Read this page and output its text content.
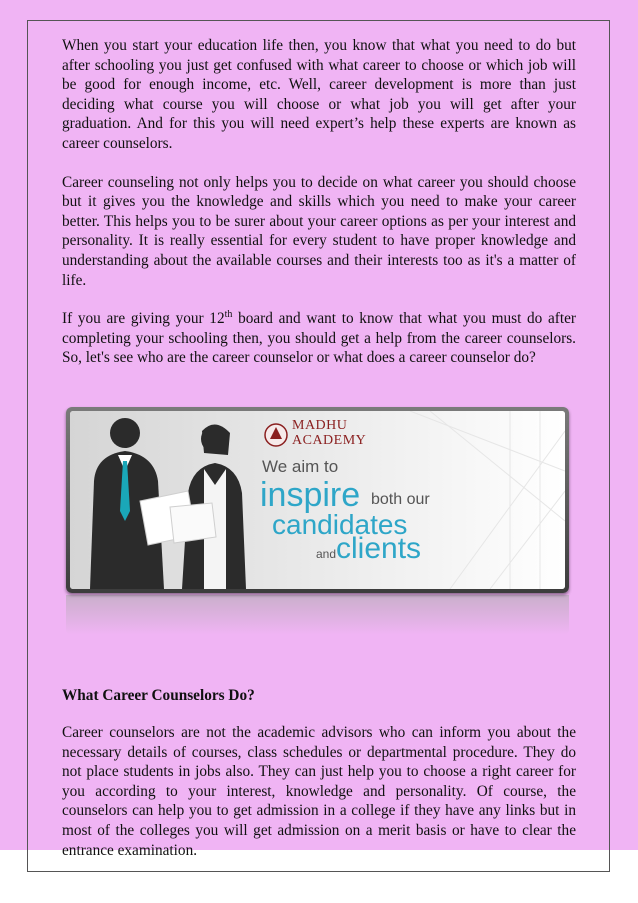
When you start your education life then, you know that what you need to do but after schooling you just get confused with what career to choose or which job will be good for enough income, etc. Well, career development is more than just deciding what course you will choose or what job you will get after your graduation. And for this you will need expert’s help these experts are known as career counselors.

Career counseling not only helps you to decide on what career you should choose but it gives you the knowledge and skills which you need to make your career better. This helps you to be surer about your career options as per your interest and personality. It is really essential for every student to have proper knowledge and understanding about the available courses and their interests too as it's a matter of life.

If you are giving your 12th board and want to know that what you must do after completing your schooling then, you should get a help from the career counselors. So, let's see who are the career counselor or what does a career counselor do?

MADHU
ACADEMY
We aim to
inspire both our
candidates
and clients
What Career Counselors Do?

Career counselors are not the academic advisors who can inform you about the necessary details of courses, class schedules or departmental procedure. They do not place students in jobs also. They can just help you to choose a right career for you according to your interest, knowledge and personality. Of course, the counselors can help you to get admission in a college if they have any links but in most of the colleges you will get admission on a merit basis or have to clear the entrance examination.
